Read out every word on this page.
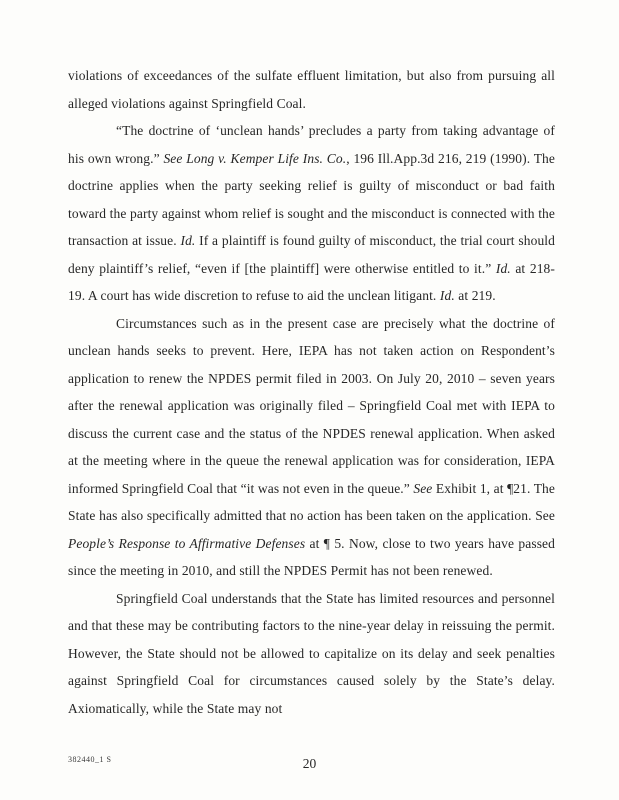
violations of exceedances of the sulfate effluent limitation, but also from pursuing all alleged violations against Springfield Coal.

“The doctrine of ‘unclean hands’ precludes a party from taking advantage of his own wrong.” See Long v. Kemper Life Ins. Co., 196 Ill.App.3d 216, 219 (1990). The doctrine applies when the party seeking relief is guilty of misconduct or bad faith toward the party against whom relief is sought and the misconduct is connected with the transaction at issue. Id. If a plaintiff is found guilty of misconduct, the trial court should deny plaintiff’s relief, “even if [the plaintiff] were otherwise entitled to it.” Id. at 218-19. A court has wide discretion to refuse to aid the unclean litigant. Id. at 219.

Circumstances such as in the present case are precisely what the doctrine of unclean hands seeks to prevent. Here, IEPA has not taken action on Respondent’s application to renew the NPDES permit filed in 2003. On July 20, 2010 – seven years after the renewal application was originally filed – Springfield Coal met with IEPA to discuss the current case and the status of the NPDES renewal application. When asked at the meeting where in the queue the renewal application was for consideration, IEPA informed Springfield Coal that “it was not even in the queue.” See Exhibit 1, at ¶21. The State has also specifically admitted that no action has been taken on the application. See People’s Response to Affirmative Defenses at ¶ 5. Now, close to two years have passed since the meeting in 2010, and still the NPDES Permit has not been renewed.

Springfield Coal understands that the State has limited resources and personnel and that these may be contributing factors to the nine-year delay in reissuing the permit. However, the State should not be allowed to capitalize on its delay and seek penalties against Springfield Coal for circumstances caused solely by the State’s delay. Axiomatically, while the State may not

382440_1 S	20
